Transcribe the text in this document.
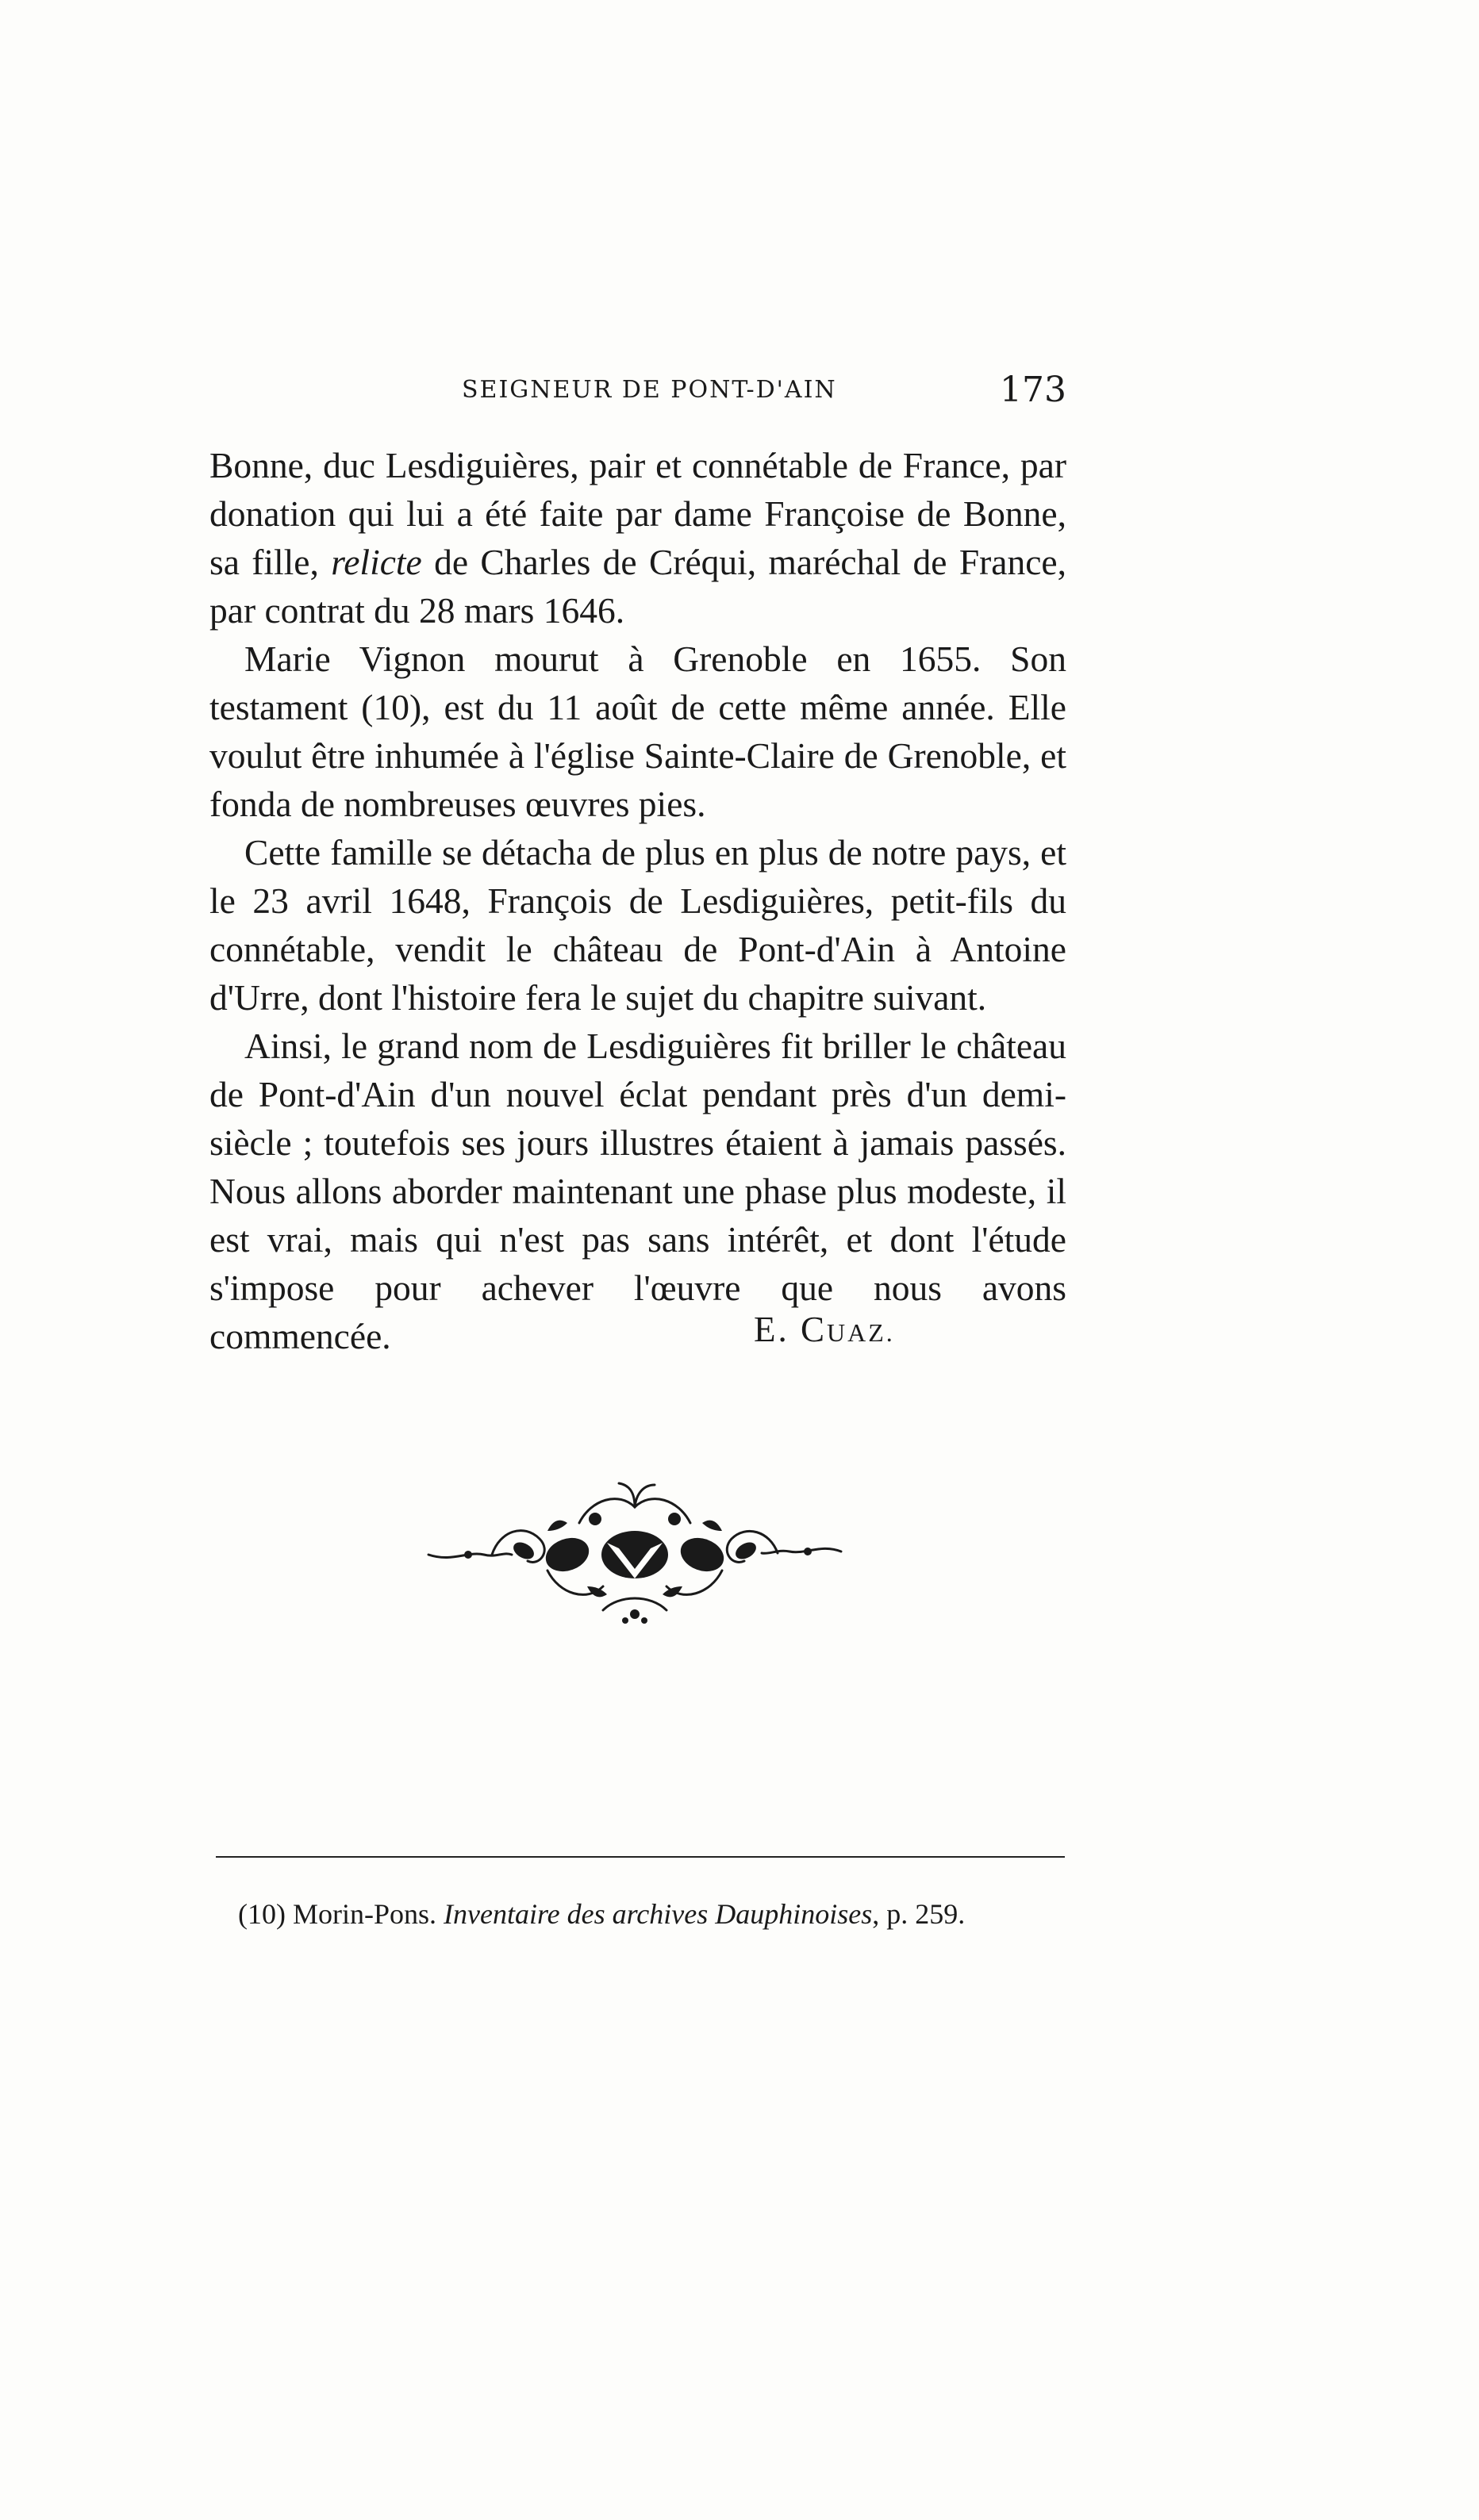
SEIGNEUR DE PONT-D'AIN	173

Bonne, duc Lesdiguières, pair et connétable de France, par donation qui lui a été faite par dame Françoise de Bonne, sa fille, relicte de Charles de Créqui, maréchal de France, par contrat du 28 mars 1646.

Marie Vignon mourut à Grenoble en 1655. Son testament (10), est du 11 août de cette même année. Elle voulut être inhumée à l'église Sainte-Claire de Grenoble, et fonda de nombreuses œuvres pies.

Cette famille se détacha de plus en plus de notre pays, et le 23 avril 1648, François de Lesdiguières, petit-fils du connétable, vendit le château de Pont-d'Ain à Antoine d'Urre, dont l'histoire fera le sujet du chapitre suivant.

Ainsi, le grand nom de Lesdiguières fit briller le château de Pont-d'Ain d'un nouvel éclat pendant près d'un demi-siècle ; toutefois ses jours illustres étaient à jamais passés. Nous allons aborder maintenant une phase plus modeste, il est vrai, mais qui n'est pas sans intérêt, et dont l'étude s'impose pour achever l'œuvre que nous avons commencée.	E. CUAZ.
(10) Morin-Pons. Inventaire des archives Dauphinoises, p. 259.
